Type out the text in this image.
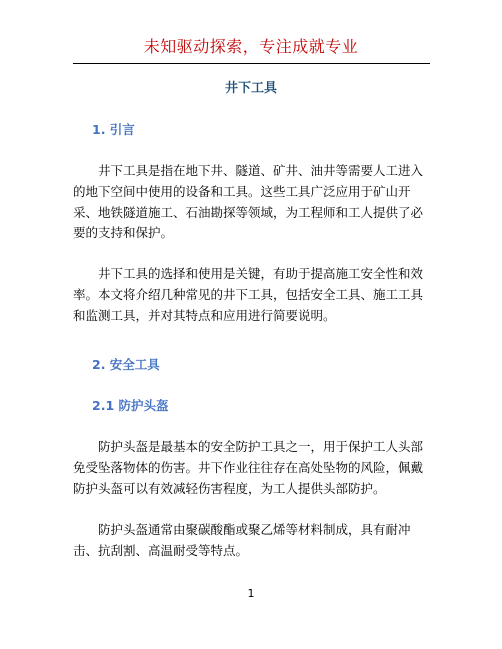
未知驱动探索，专注成就专业
井下工具
1. 引言
井下工具是指在地下井、隧道、矿井、油井等需要人工进入的地下空间中使用的设备和工具。这些工具广泛应用于矿山开采、地铁隧道施工、石油勘探等领域，为工程师和工人提供了必要的支持和保护。
井下工具的选择和使用是关键，有助于提高施工安全性和效率。本文将介绍几种常见的井下工具，包括安全工具、施工工具和监测工具，并对其特点和应用进行简要说明。
2. 安全工具
2.1 防护头盔
防护头盔是最基本的安全防护工具之一，用于保护工人头部免受坠落物体的伤害。井下作业往往存在高处坠物的风险，佩戴防护头盔可以有效减轻伤害程度，为工人提供头部防护。
防护头盔通常由聚碳酸酯或聚乙烯等材料制成，具有耐冲击、抗刮割、高温耐受等特点。
1
